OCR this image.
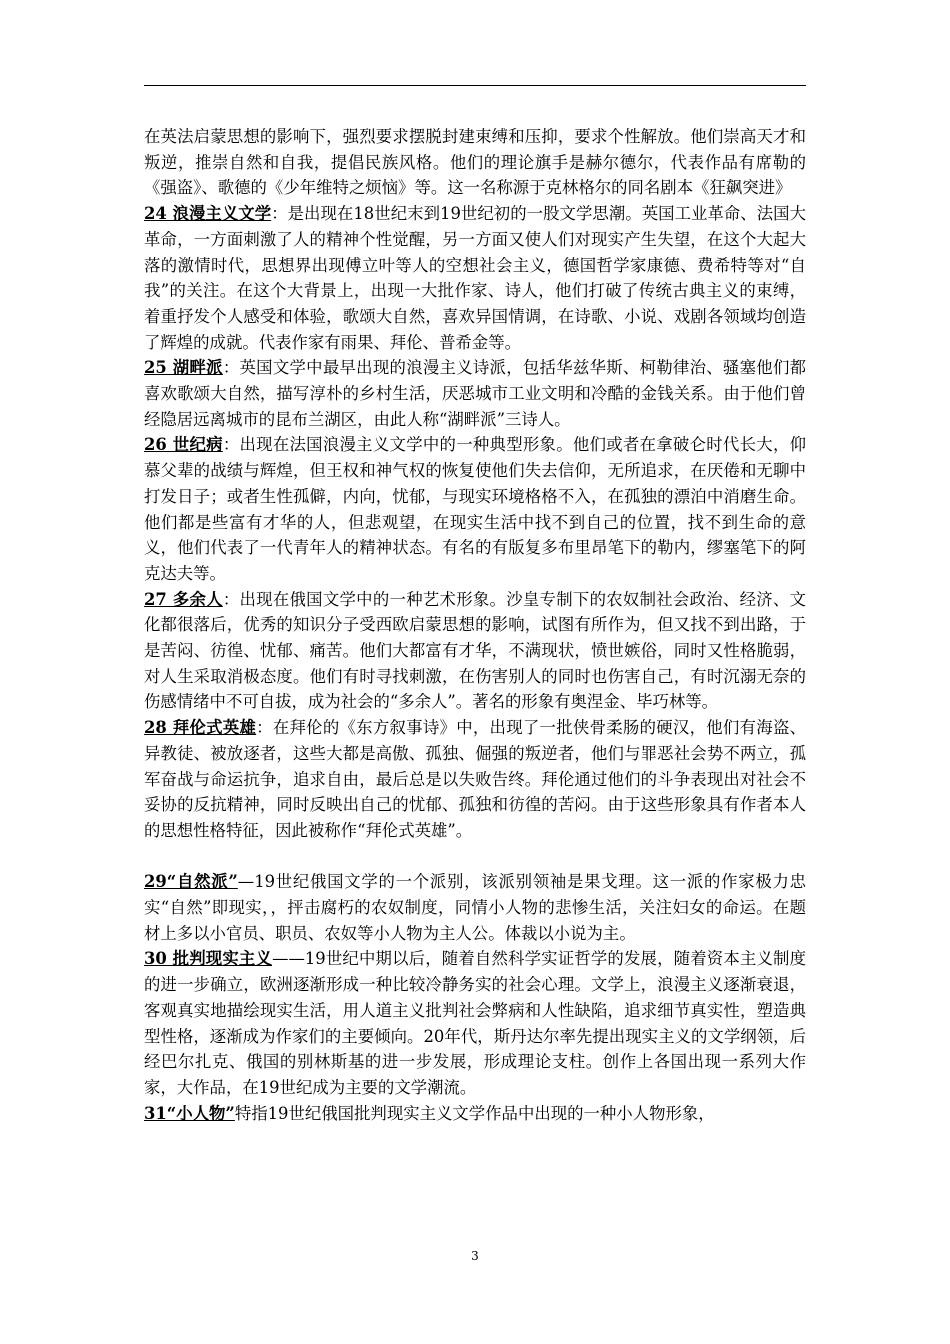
在英法启蒙思想的影响下，强烈要求摆脱封建束缚和压抑，要求个性解放。他们崇高天才和叛逆，推崇自然和自我，提倡民族风格。他们的理论旗手是赫尔德尔，代表作品有席勒的《强盗》、歌德的《少年维特之烦恼》等。这一名称源于克林格尔的同名剧本《狂飙突进》

24 浪漫主义文学：是出现在18世纪末到19世纪初的一股文学思潮。英国工业革命、法国大革命，一方面刺激了人的精神个性觉醒，另一方面又使人们对现实产生失望，在这个大起大落的激情时代，思想界出现傅立叶等人的空想社会主义，德国哲学家康德、费希特等对“自我”的关注。在这个大背景上，出现一大批作家、诗人，他们打破了传统古典主义的束缚，着重抒发个人感受和体验，歌颂大自然，喜欢异国情调，在诗歌、小说、戏剧各领域均创造了辉煌的成就。代表作家有雨果、拜伦、普希金等。

25 湖畔派：英国文学中最早出现的浪漫主义诗派，包括华兹华斯、柯勒律治、骚塞他们都喜欢歌颂大自然，描写淳朴的乡村生活，厌恶城市工业文明和冷酷的金钱关系。由于他们曾经隐居远离城市的昆布兰湖区，由此人称“湖畔派”三诗人。

26 世纪病：出现在法国浪漫主义文学中的一种典型形象。他们或者在拿破仑时代长大，仰慕父辈的战绩与辉煌，但王权和神气权的恢复使他们失去信仰，无所追求，在厌倦和无聊中打发日子；或者生性孤僻，内向，忧郁，与现实环境格格不入，在孤独的漂泊中消磨生命。他们都是些富有才华的人，但悲观望，在现实生活中找不到自己的位置，找不到生命的意义，他们代表了一代青年人的精神状态。有名的有版复多布里昂笔下的勒内，缪塞笔下的阿克达夫等。

27 多余人：出现在俄国文学中的一种艺术形象。沙皇专制下的农奴制社会政治、经济、文化都很落后，优秀的知识分子受西欧启蒙思想的影响，试图有所作为，但又找不到出路，于是苦闷、彷徨、忧郁、痛苦。他们大都富有才华，不满现状，愤世嫉俗，同时又性格脆弱，对人生采取消极态度。他们有时寻找刺激，在伤害别人的同时也伤害自己，有时沉溺无奈的伤感情绪中不可自拔，成为社会的“多余人”。著名的形象有奥涅金、毕巧林等。

28 拜伦式英雄：在拜伦的《东方叙事诗》中，出现了一批侠骨柔肠的硬汉，他们有海盗、异教徒、被放逐者，这些大都是高傲、孤独、倔强的叛逆者，他们与罪恶社会势不两立，孤军奋战与命运抗争，追求自由，最后总是以失败告终。拜伦通过他们的斗争表现出对社会不妥协的反抗精神，同时反映出自己的忧郁、孤独和彷徨的苦闷。由于这些形象具有作者本人的思想性格特征，因此被称作“拜伦式英雄”。

29“自然派”—19世纪俄国文学的一个派别，该派别领袖是果戈理。这一派的作家极力忠实“自然”即现实，，抨击腐朽的农奴制度，同情小人物的悲惨生活，关注妇女的命运。在题材上多以小官员、职员、农奴等小人物为主人公。体裁以小说为主。

30 批判现实主义——19世纪中期以后，随着自然科学实证哲学的发展，随着资本主义制度的进一步确立，欧洲逐渐形成一种比较冷静务实的社会心理。文学上，浪漫主义逐渐衰退，客观真实地描绘现实生活，用人道主义批判社会弊病和人性缺陷，追求细节真实性，塑造典型性格，逐渐成为作家们的主要倾向。20年代，斯丹达尔率先提出现实主义的文学纲领，后经巴尔扎克、俄国的别林斯基的进一步发展，形成理论支柱。创作上各国出现一系列大作家，大作品，在19世纪成为主要的文学潮流。

31“小人物”特指19世纪俄国批判现实主义文学作品中出现的一种小人物形象，

3
